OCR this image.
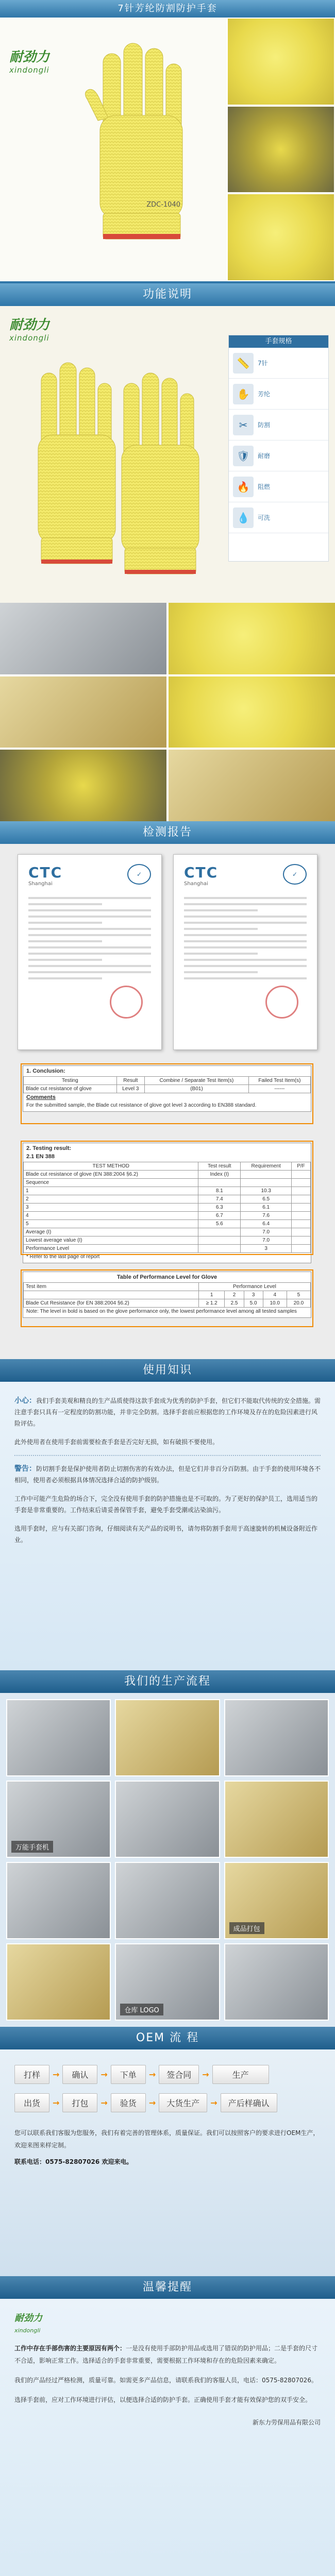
7针芳纶防割防护手套
耐劲力
xindongli
ZDC-1040
功能说明
耐劲力
xindongli	手套规格
📏	7针
✋	芳纶
✂	防割
🛡	耐磨
🔥	阻燃
💧	可洗
检测报告
CTC
Shanghai
✓	CTC
Shanghai
✓
1. Conclusion:
Testing	Result	Combine / Separate Test Item(s)	Failed Test Item(s)
Blade cut resistance of glove	Level 3	(B01)	------
Comments
For the submitted sample, the Blade cut resistance of glove got level 3 according to EN388 standard.
2. Testing result:
2.1 EN 388
TEST METHOD	Test result	Requirement	P/F
Blade cut resistance of glove (EN 388:2004 §6.2)	Index (I)		
Sequence			
1	8.1	10.3	
2	7.4	6.5	
3	6.3	6.1	
4	6.7	7.6	
5	5.6	6.4	
Average (I)		7.0	
Lowest average value (I)		7.0	
Performance Level		3	
* Refer to the last page of report
Table of Performance Level for Glove
Test item	Performance Level				
	1	2	3	4	5
Blade Cut Resistance (for EN 388:2004 §6.2)	≥ 1.2	2.5	5.0	10.0	20.0
Note: The level in bold is based on the glove performance only, the lowest performance level among all tested samples
使用知识

小心：我们手套美观和精良的生产品质使得这款手套成为优秀的防护手套，但它们不能取代传统的安全措施。需注意手套只具有一定程度的防割功能，并非完全防割。选择手套前应根据您的工作环境及存在的危险因素进行风险评估。

此外使用者在使用手套前需要检查手套是否完好无损，如有破损不要使用。

警告：防切割手套是保护使用者防止切割伤害的有效办法，但是它们并非百分百防割。由于手套的使用环境各不相同，使用者必须根据具体情况选择合适的防护级别。

工作中可能产生危险的场合下，完全没有使用手套的防护措施也是不可取的。为了更好的保护员工，选用适当的手套是非常重要的。工作结束后请妥善保管手套，避免手套受潮或沾染油污。

选用手套时，应与有关部门咨询，仔细阅读有关产品的说明书，请勿将防割手套用于高速旋转的机械设备附近作业。

我们的生产流程
万能手套机
成品打包
仓库 LOGO
OEM 流 程
打样	→	确认	→	下单	→	签合同	→	生产
出货	→	打包	→	验货	→	大货生产	→	产后样确认
您可以联系我们客服为您服务，我们有着完善的管理体系，质量保证。我们可以按照客户的要求进行OEM生产，欢迎来图来样定制。
联系电话：0575-82807026 欢迎来电。
温馨提醒
耐劲力
xindongli

工作中存在手部伤害的主要原因有两个：一是没有使用手部防护用品或选用了错误的防护用品；二是手套的尺寸不合适，影响正常工作。选择适合的手套非常重要，需要根据工作环境和存在的危险因素来确定。

我们的产品经过严格检测，质量可靠。如需更多产品信息，请联系我们的客服人员，电话：0575-82807026。

选择手套前，应对工作环境进行评估，以便选择合适的防护手套。正确使用手套才能有效保护您的双手安全。

新东力劳保用品有限公司
